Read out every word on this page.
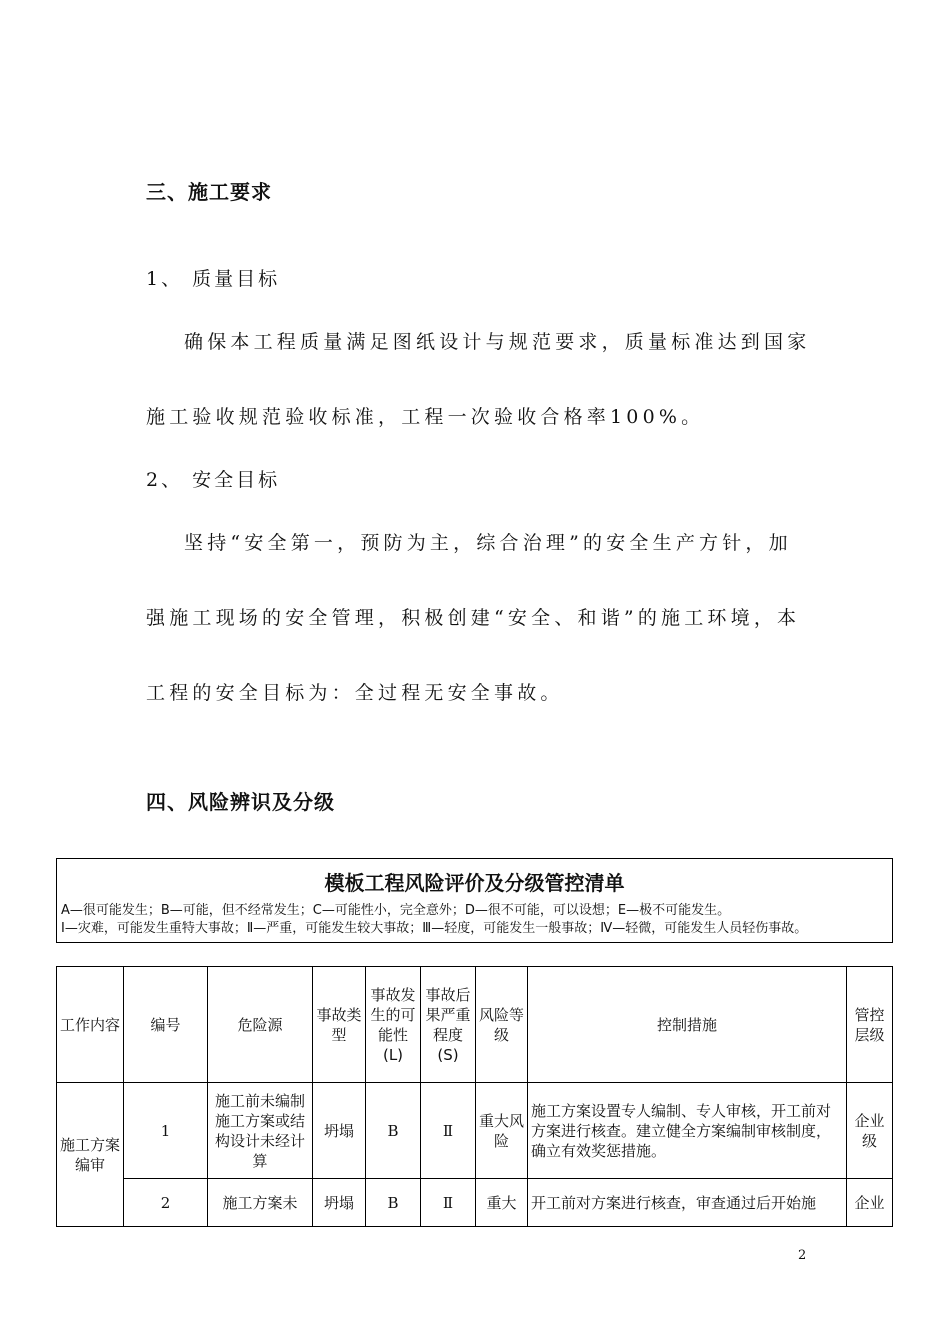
三、施工要求

1、 质量目标

确保本工程质量满足图纸设计与规范要求，质量标准达到国家

施工验收规范验收标准，工程一次验收合格率100%。

2、 安全目标

坚持“安全第一，预防为主，综合治理”的安全生产方针，加

强施工现场的安全管理，积极创建“安全、和谐”的施工环境，本

工程的安全目标为：全过程无安全事故。

四、风险辨识及分级

模板工程风险评价及分级管控清单

A—很可能发生；B—可能，但不经常发生；C—可能性小，完全意外；D—很不可能，可以设想；E—极不可能发生。
Ⅰ—灾难，可能发生重特大事故；Ⅱ—严重，可能发生较大事故；Ⅲ—轻度，可能发生一般事故；Ⅳ—轻微，可能发生人员轻伤事故。

工作内容	编号	危险源	事故类型	事故发生的可能性(L)	事故后果严重程度(S)	风险等级	控制措施	管控层级
施工方案编审	1	施工前未编制施工方案或结构设计未经计算	坍塌	B	Ⅱ	重大风险	施工方案设置专人编制、专人审核，开工前对方案进行核查。建立健全方案编制审核制度，确立有效奖惩措施。	企业级
	2	施工方案未	坍塌	B	Ⅱ	重大	开工前对方案进行核查，审查通过后开始施	企业
2
